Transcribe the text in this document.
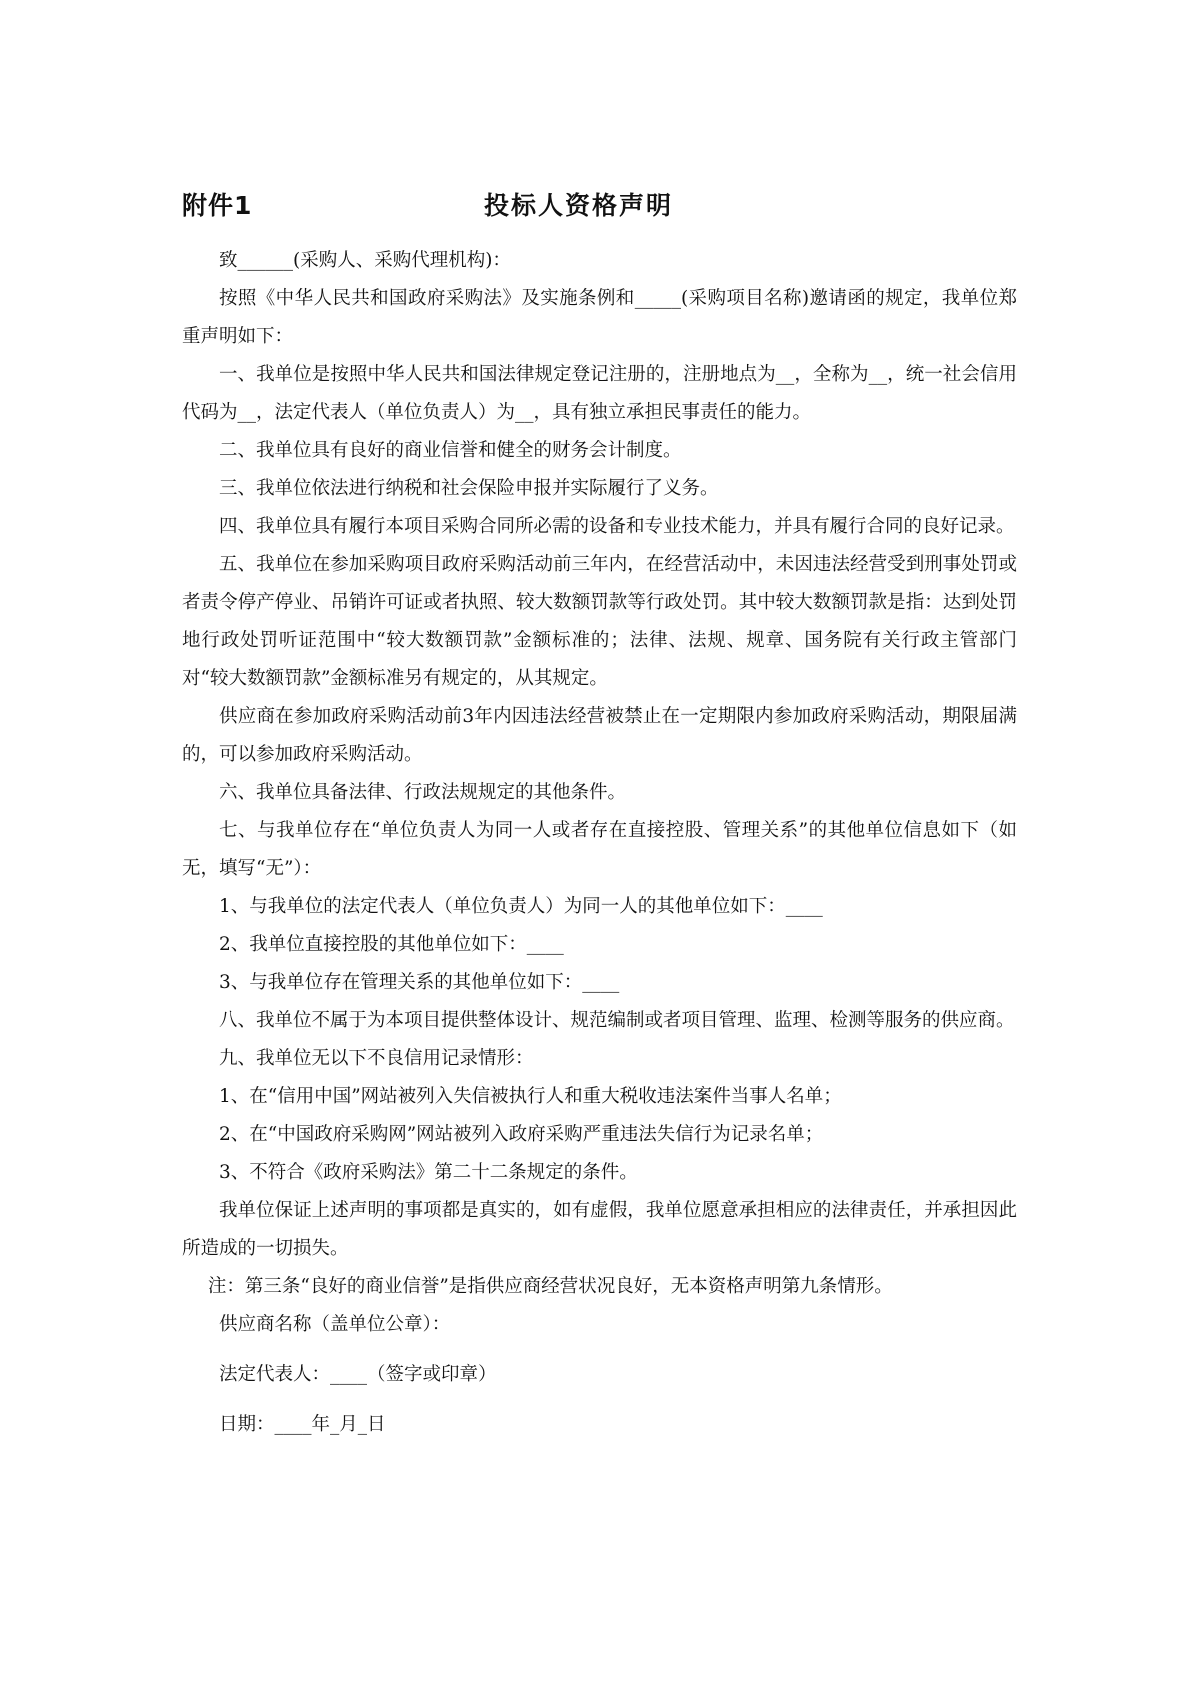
附件1	投标人资格声明

致______(采购人、采购代理机构)：

按照《中华人民共和国政府采购法》及实施条例和_____(采购项目名称)邀请函的规定，我单位郑重声明如下：

一、我单位是按照中华人民共和国法律规定登记注册的，注册地点为__，全称为__，统一社会信用代码为__，法定代表人（单位负责人）为__，具有独立承担民事责任的能力。

二、我单位具有良好的商业信誉和健全的财务会计制度。

三、我单位依法进行纳税和社会保险申报并实际履行了义务。

四、我单位具有履行本项目采购合同所必需的设备和专业技术能力，并具有履行合同的良好记录。

五、我单位在参加采购项目政府采购活动前三年内，在经营活动中，未因违法经营受到刑事处罚或者责令停产停业、吊销许可证或者执照、较大数额罚款等行政处罚。其中较大数额罚款是指：达到处罚地行政处罚听证范围中“较大数额罚款”金额标准的；法律、法规、规章、国务院有关行政主管部门对“较大数额罚款”金额标准另有规定的，从其规定。

供应商在参加政府采购活动前3年内因违法经营被禁止在一定期限内参加政府采购活动，期限届满的，可以参加政府采购活动。

六、我单位具备法律、行政法规规定的其他条件。

七、与我单位存在“单位负责人为同一人或者存在直接控股、管理关系”的其他单位信息如下（如无，填写“无”）：

1、与我单位的法定代表人（单位负责人）为同一人的其他单位如下：____

2、我单位直接控股的其他单位如下：____

3、与我单位存在管理关系的其他单位如下：____

八、我单位不属于为本项目提供整体设计、规范编制或者项目管理、监理、检测等服务的供应商。

九、我单位无以下不良信用记录情形：

1、在“信用中国”网站被列入失信被执行人和重大税收违法案件当事人名单；

2、在“中国政府采购网”网站被列入政府采购严重违法失信行为记录名单；

3、不符合《政府采购法》第二十二条规定的条件。

我单位保证上述声明的事项都是真实的，如有虚假，我单位愿意承担相应的法律责任，并承担因此所造成的一切损失。

注：第三条“良好的商业信誉”是指供应商经营状况良好，无本资格声明第九条情形。

供应商名称（盖单位公章）：

法定代表人：____（签字或印章）

日期：____年_月_日
